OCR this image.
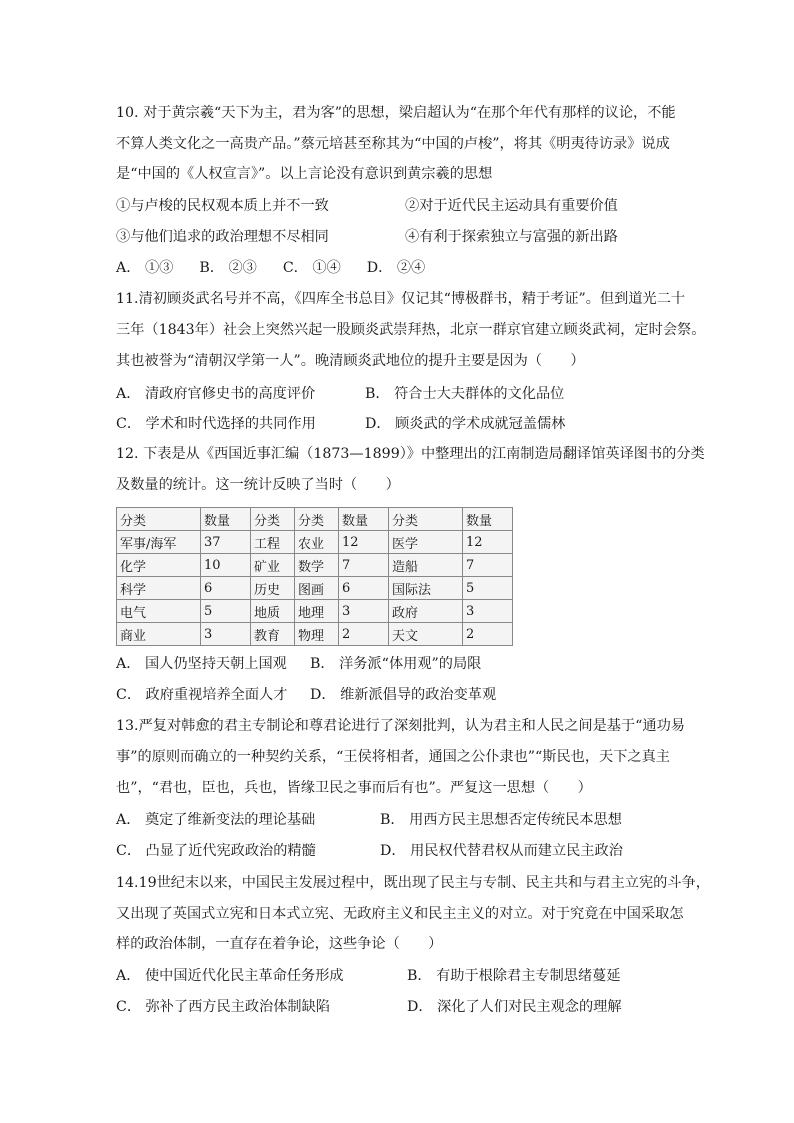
10. 对于黄宗羲“天下为主，君为客”的思想，梁启超认为“在那个年代有那样的议论，不能
不算人类文化之一高贵产品。”蔡元培甚至称其为“中国的卢梭”，将其《明夷待访录》说成
是“中国的《人权宣言》”。以上言论没有意识到黄宗羲的思想
①与卢梭的民权观本质上并不一致	②对于近代民主运动具有重要价值
③与他们追求的政治理想不尽相同	④有利于探索独立与富强的新出路
A． ①③ B． ②③ C． ①④ D． ②④
11.清初顾炎武名号并不高，《四库全书总目》仅记其“博极群书，精于考证”。但到道光二十
三年（1843年）社会上突然兴起一股顾炎武崇拜热，北京一群京官建立顾炎武祠，定时会祭。
其也被誉为“清朝汉学第一人”。晚清顾炎武地位的提升主要是因为（　　）
A． 清政府官修史书的高度评价	B． 符合士大夫群体的文化品位
C． 学术和时代选择的共同作用	D． 顾炎武的学术成就冠盖儒林
12. 下表是从《西国近事汇编（1873—1899）》中整理出的江南制造局翻译馆英译图书的分类
及数量的统计。这一统计反映了当时（　　）
分类	数量	分类	分类	数量	分类	数量
军事/海军	37	工程	农业	12	医学	12
化学	10	矿业	数学	7	造船	7
科学	6	历史	图画	6	国际法	5
电气	5	地质	地理	3	政府	3
商业	3	教育	物理	2	天文	2
A． 国人仍坚持天朝上国观 B． 洋务派“体用观”的局限
C． 政府重视培养全面人才 D． 维新派倡导的政治变革观
13.严复对韩愈的君主专制论和尊君论进行了深刻批判，认为君主和人民之间是基于“通功易
事”的原则而确立的一种契约关系，“王侯将相者，通国之公仆隶也”“斯民也，天下之真主
也”，“君也，臣也，兵也，皆缘卫民之事而后有也”。严复这一思想（　　）
A． 奠定了维新变法的理论基础	B． 用西方民主思想否定传统民本思想
C． 凸显了近代宪政政治的精髓	D． 用民权代替君权从而建立民主政治
14.19世纪末以来，中国民主发展过程中，既出现了民主与专制、民主共和与君主立宪的斗争，
又出现了英国式立宪和日本式立宪、无政府主义和民主主义的对立。对于究竟在中国采取怎
样的政治体制，一直存在着争论，这些争论（　　）
A． 使中国近代化民主革命任务形成	B． 有助于根除君主专制思绪蔓延
C． 弥补了西方民主政治体制缺陷	D． 深化了人们对民主观念的理解
